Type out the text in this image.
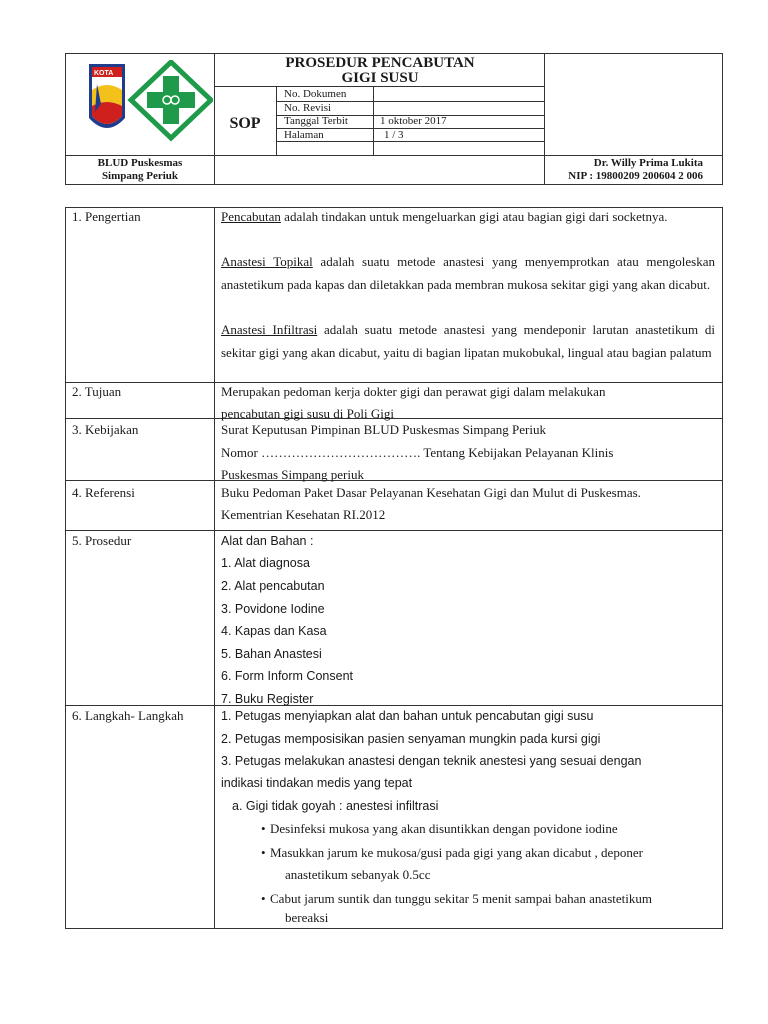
KOTA
PROSEDUR PENCABUTAN
GIGI SUSU
SOP
No. Dokumen
No. Revisi
Tanggal Terbit	1 oktober 2017
Halaman	1 / 3
BLUD Puskesmas
Simpang Periuk
Dr. Willy Prima Lukita
NIP : 19800209 200604 2 006
1. Pengertian	Pencabutan adalah tindakan untuk mengeluarkan gigi atau bagian gigi dari socketnya.
Anastesi Topikal adalah suatu metode anastesi yang menyemprotkan atau mengoleskan anastetikum pada kapas dan diletakkan pada membran mukosa sekitar gigi yang akan dicabut.
Anastesi Infiltrasi adalah suatu metode anastesi yang mendeponir larutan anastetikum di sekitar gigi yang akan dicabut, yaitu di bagian lipatan mukobukal, lingual atau bagian palatum
2. Tujuan	Merupakan pedoman kerja dokter gigi dan perawat gigi dalam melakukan
pencabutan gigi susu di Poli Gigi
3. Kebijakan	Surat Keputusan Pimpinan BLUD Puskesmas Simpang Periuk
Nomor ………………………………. Tentang Kebijakan Pelayanan Klinis
Puskesmas Simpang periuk
4. Referensi	Buku Pedoman Paket Dasar Pelayanan Kesehatan Gigi dan Mulut di Puskesmas.
Kementrian Kesehatan RI.2012
5. Prosedur	Alat dan Bahan :
1. Alat diagnosa
2. Alat pencabutan
3. Povidone Iodine
4. Kapas dan Kasa
5. Bahan Anastesi
6. Form Inform Consent
7. Buku Register
6. Langkah- Langkah	1. Petugas menyiapkan alat dan bahan untuk pencabutan gigi susu
2. Petugas memposisikan pasien senyaman mungkin pada kursi gigi
3. Petugas melakukan anastesi dengan teknik anestesi yang sesuai dengan
indikasi tindakan medis yang tepat
a. Gigi tidak goyah : anestesi infiltrasi
• Desinfeksi mukosa yang akan disuntikkan dengan povidone iodine
• Masukkan jarum ke mukosa/gusi pada gigi yang akan dicabut , deponer
anastetikum sebanyak 0.5cc
• Cabut jarum suntik dan tunggu sekitar 5 menit sampai bahan anastetikum
bereaksi
